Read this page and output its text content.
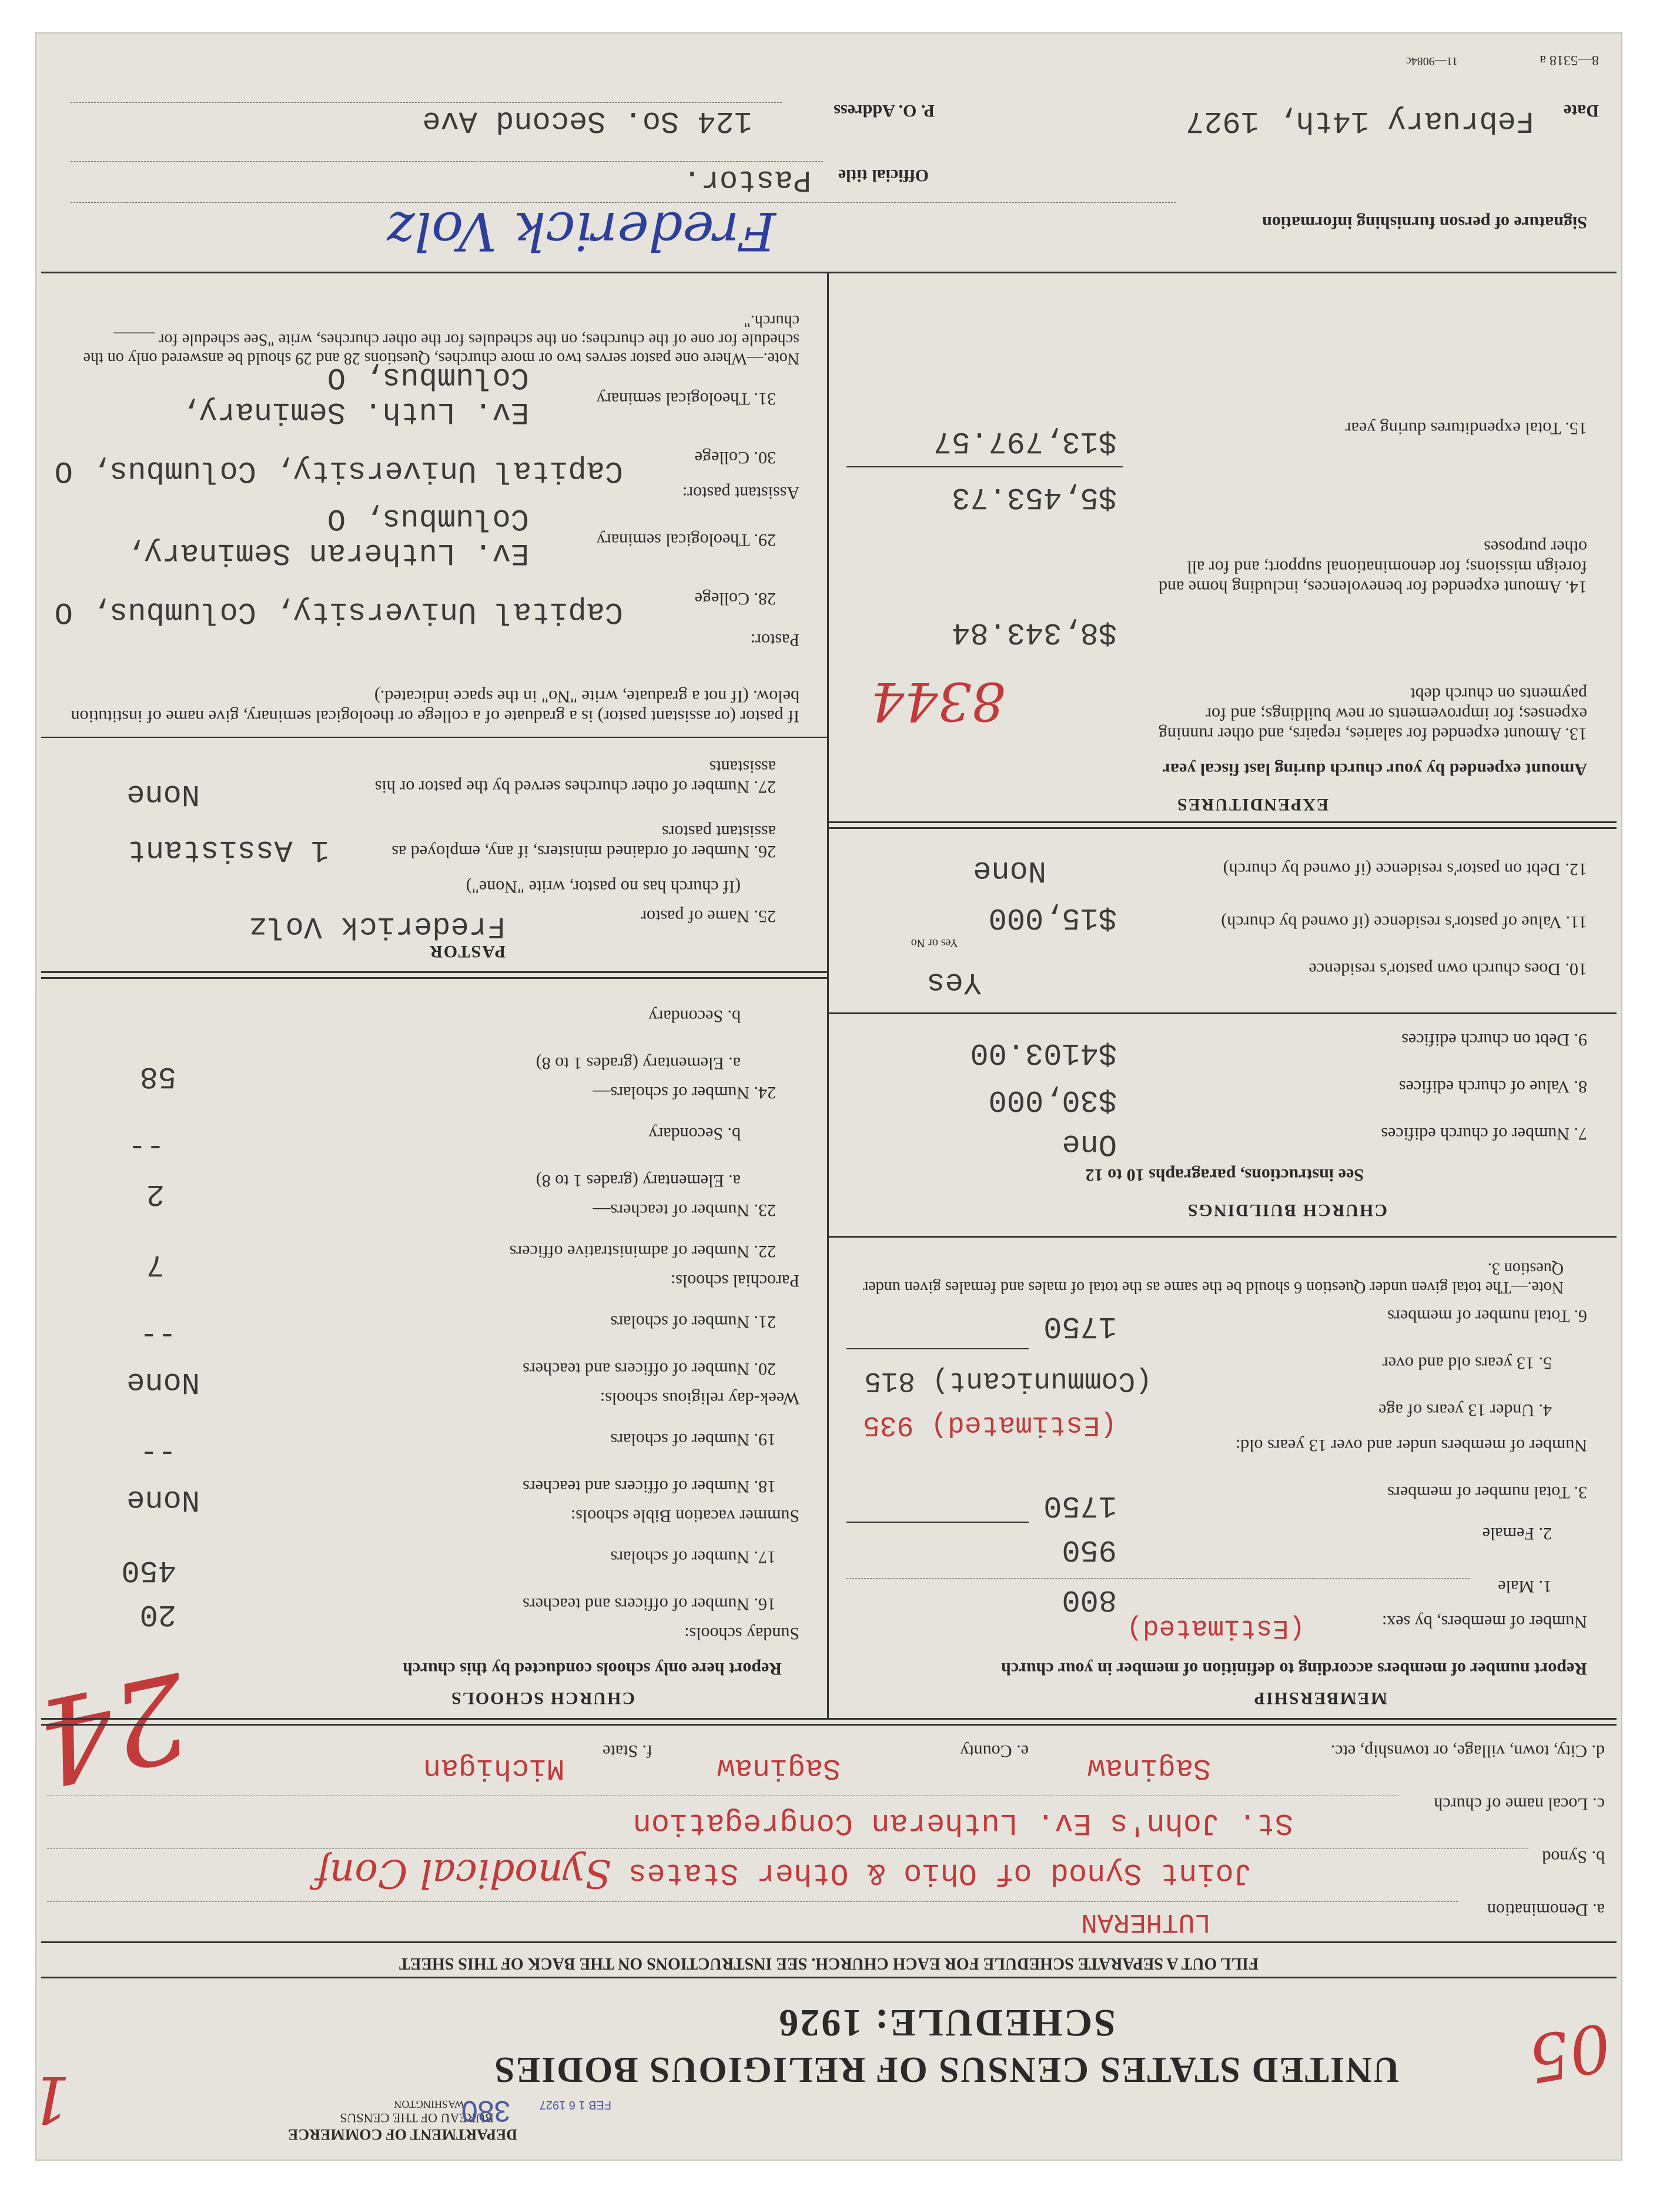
DEPARTMENT OF COMMERCE
BUREAU OF THE CENSUS
WASHINGTON	FEB 1 6 1927 380
1
05
UNITED STATES CENSUS OF RELIGIOUS BODIES
SCHEDULE: 1926
FILL OUT A SEPARATE SCHEDULE FOR EACH CHURCH. SEE INSTRUCTIONS ON THE BACK OF THIS SHEET
a. Denomination
LUTHERAN
b. Synod
Joint Synod of Ohio & Other States
Synodical Conf
c. Local name of church
St. John's Ev. Lutheran Congregation
d. City, town, village, or township, etc.
Saginaw
e. County
Saginaw
f. State
Michigan
24	MEMBERSHIP
Report number of members according to definition of member in your church
Number of members, by sex:
(Estimated)
1. Male
800
2. Female
950
3. Total number of members
1750
Number of members under and over 13 years old:
4. Under 13 years of age
(Estimated) 935
5. 13 years old and over
(Communicant) 815
6. Total number of members
1750
Note.—The total given under Question 6 should be the same as the total of males and females given under Question 3.
CHURCH BUILDINGS
See instructions, paragraphs 10 to 12
7. Number of church edifices
One
8. Value of church edifices
$30,000
9. Debt on church edifices
$4103.00
10. Does church own pastor's residence
Yes or No
Yes
11. Value of pastor's residence (if owned by church)
$15,000
12. Debt on pastor's residence (if owned by church)
None
EXPENDITURES
Amount expended by your church during last fiscal year
13. Amount expended for salaries, repairs, and other running expenses; for improvements or new buildings; and for payments on church debt
$8,343.84
8344
14. Amount expended for benevolences, including home and foreign missions; for denominational support; and for all other purposes
$5,453.73
15. Total expenditures during year
$13,797.57
CHURCH SCHOOLS
Report here only schools conducted by this church
Sunday schools:
16. Number of officers and teachers
20
17. Number of scholars
450
Summer vacation Bible schools:
18. Number of officers and teachers
None
19. Number of scholars
--
Week-day religious schools:
20. Number of officers and teachers
None
21. Number of scholars
--
Parochial schools:
22. Number of administrative officers
7
23. Number of teachers—
a. Elementary (grades 1 to 8)
2
b. Secondary
--
24. Number of scholars—
a. Elementary (grades 1 to 8)
58
b. Secondary
PASTOR
25. Name of pastor
(If church has no pastor, write "None")
Frederick Volz
26. Number of ordained ministers, if any, employed as assistant pastors
1 Assistant
27. Number of other churches served by the pastor or his assistants
None
If pastor (or assistant pastor) is a graduate of a college or theological seminary, give name of institution below. (If not a graduate, write "No" in the space indicated.)
Pastor:
28. College
Capital University, Columbus, O
29. Theological seminary
Ev. Lutheran Seminary, Columbus, O
Assistant pastor:
30. College
Capital University, Columbus, O
31. Theological seminary
Ev. Luth. Seminary, Columbus, O
Note.—Where one pastor serves two or more churches, Questions 28 and 29 should be answered only on the schedule for one of the churches; on the schedules for the other churches, write "See schedule for _____ church."
Signature of person furnishing information
Frederick Volz
Official title
Pastor.
Date
February 14th, 1927
P. O. Address
124 So. Second Ave
8—5318 a
11—9084c
